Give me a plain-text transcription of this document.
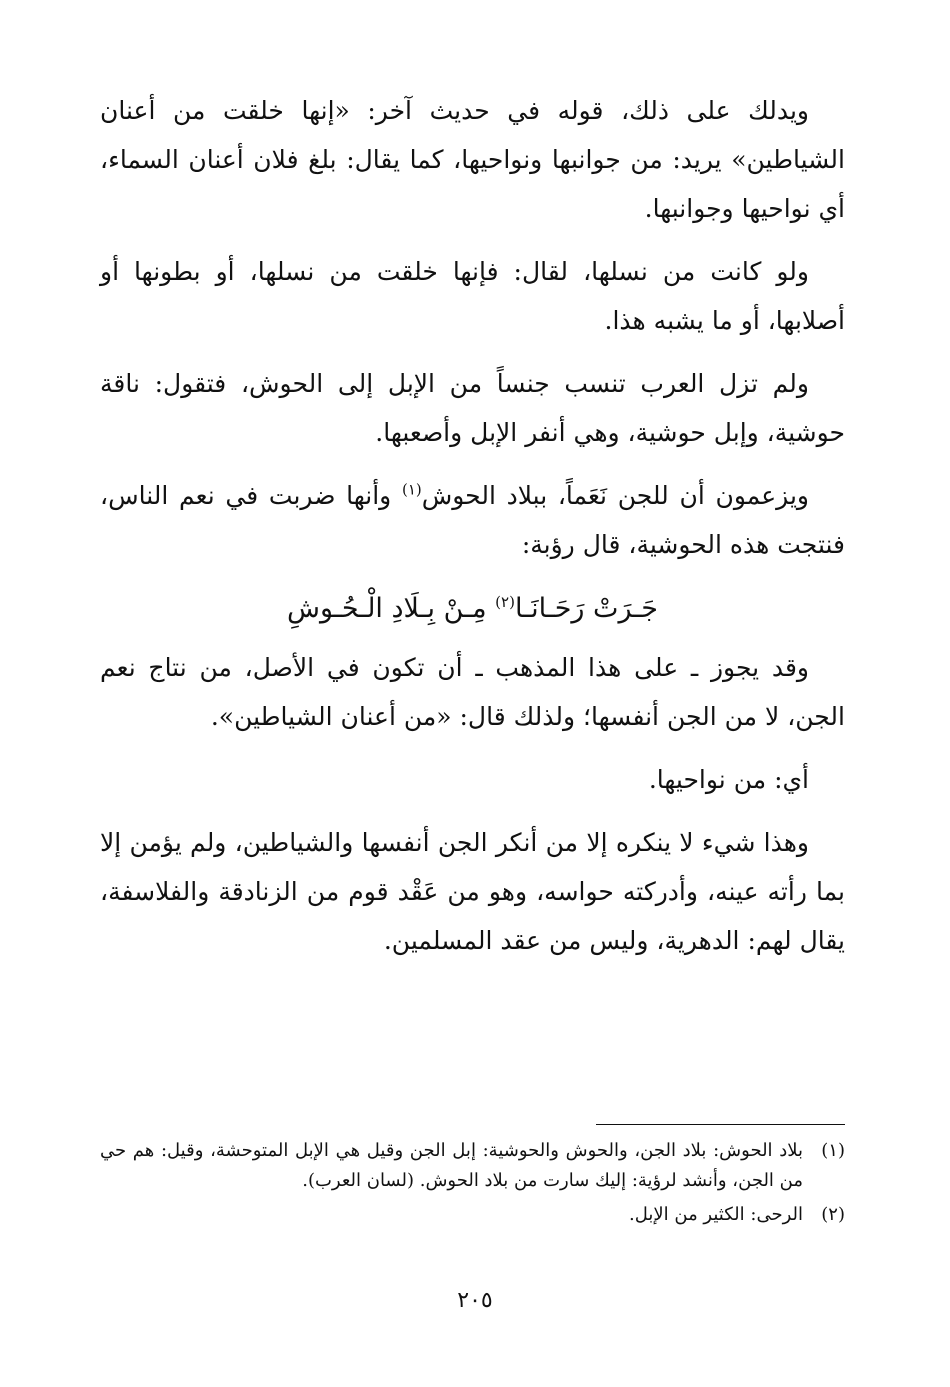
ويدلك على ذلك، قوله في حديث آخر: «إنها خلقت من أعنان الشياطين» يريد: من جوانبها ونواحيها، كما يقال: بلغ فلان أعنان السماء، أي نواحيها وجوانبها.

ولو كانت من نسلها، لقال: فإنها خلقت من نسلها، أو بطونها أو أصلابها، أو ما يشبه هذا.

ولم تزل العرب تنسب جنساً من الإبل إلى الحوش، فتقول: ناقة حوشية، وإبل حوشية، وهي أنفر الإبل وأصعبها.

ويزعمون أن للجن نَعَماً، ببلاد الحوش$^{(١)}$ وأنها ضربت في نعم الناس، فنتجت هذه الحوشية، قال رؤبة:

جَـرَتْ رَحَـانَـا$^{(٢)}$ مِـنْ بِـلَادِ الْـحُـوشِ

وقد يجوز ـ على هذا المذهب ـ أن تكون في الأصل، من نتاج نعم الجن، لا من الجن أنفسها؛ ولذلك قال: «من أعنان الشياطين».

أي: من نواحيها.

وهذا شيء لا ينكره إلا من أنكر الجن أنفسها والشياطين، ولم يؤمن إلا بما رأته عينه، وأدركته حواسه، وهو من عَقْد قوم من الزنادقة والفلاسفة، يقال لهم: الدهرية، وليس من عقد المسلمين.

(١)
بلاد الحوش: بلاد الجن، والحوش والحوشية: إبل الجن وقيل هي الإبل المتوحشة، وقيل: هم حي من الجن، وأنشد لرؤية: إليك سارت من بلاد الحوش. (لسان العرب).
(٢)
الرحى: الكثير من الإبل.
٢٠٥
